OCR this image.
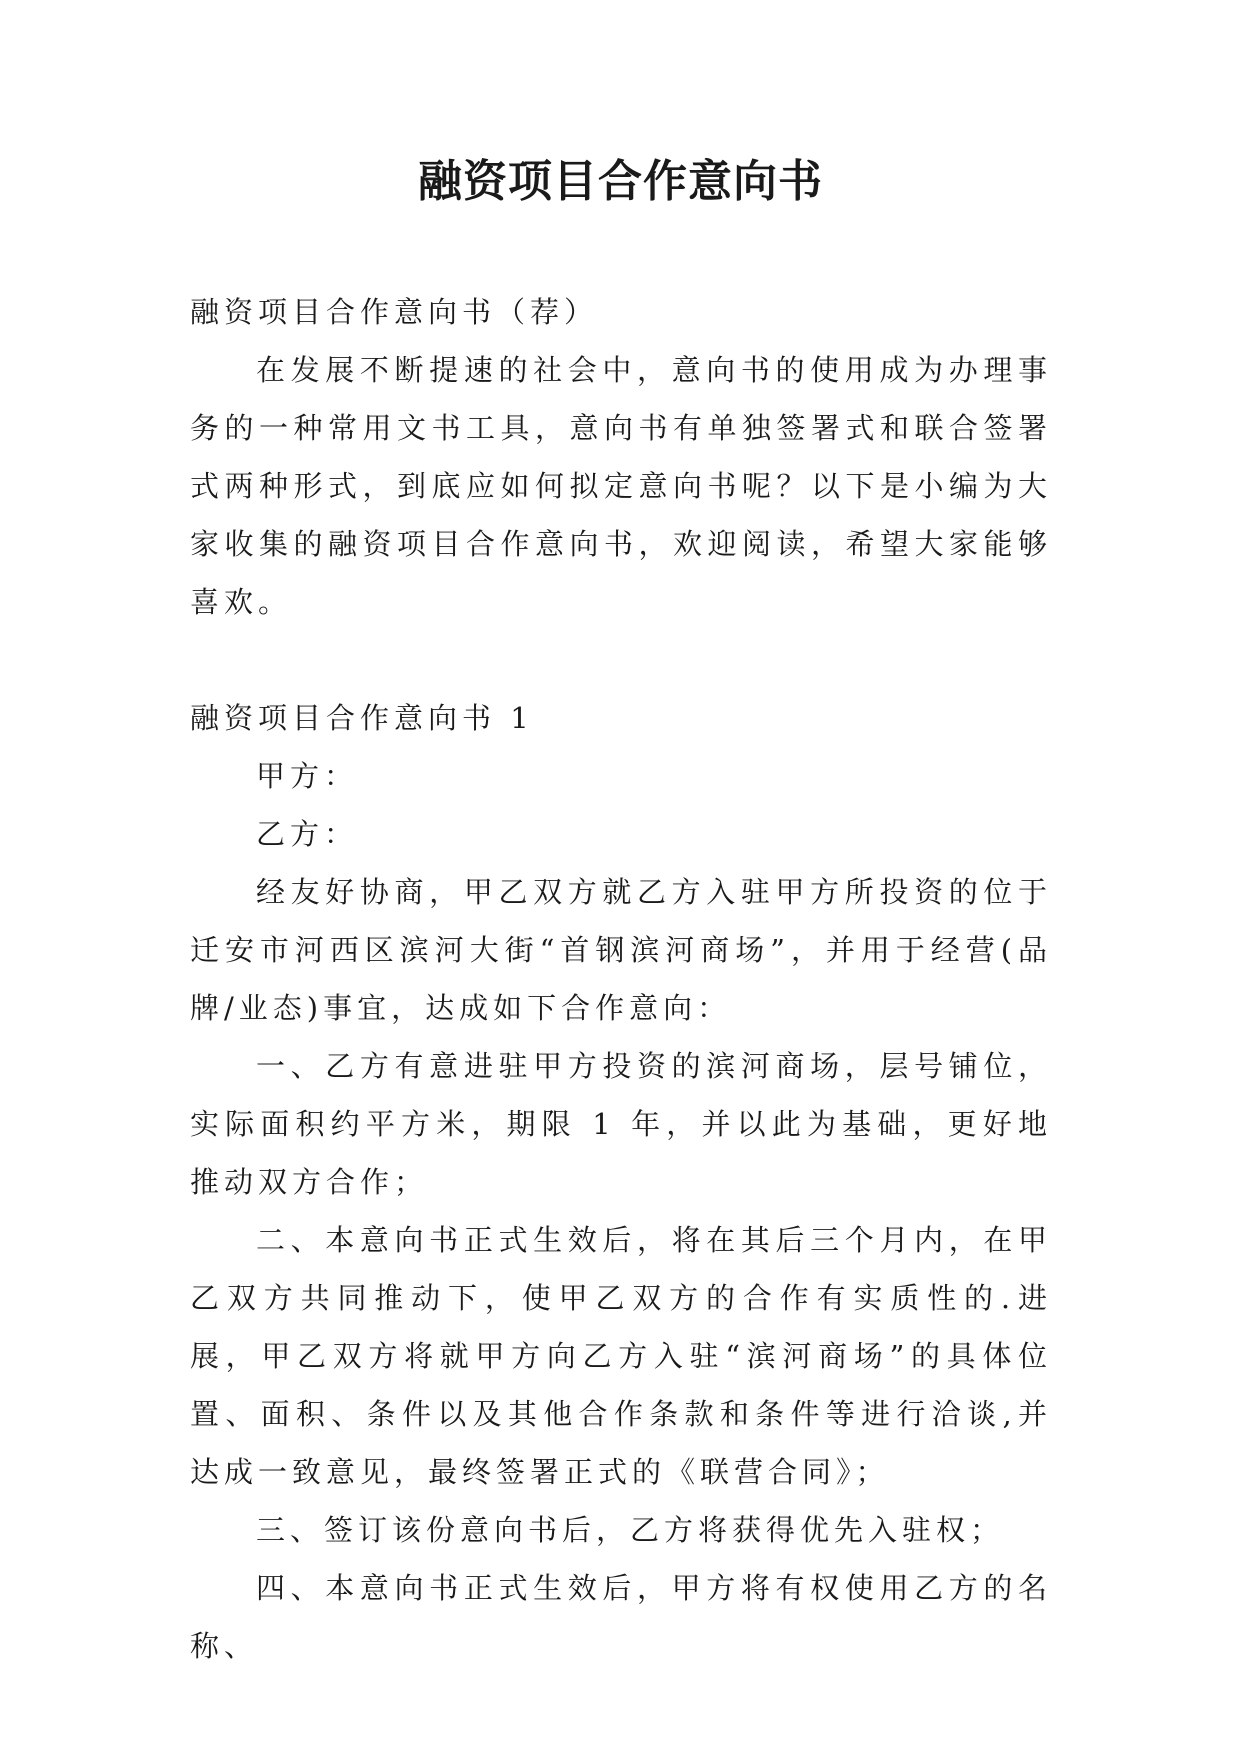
融资项目合作意向书

融资项目合作意向书（荐）

在发展不断提速的社会中，意向书的使用成为办理事务的一种常用文书工具，意向书有单独签署式和联合签署式两种形式，到底应如何拟定意向书呢？以下是小编为大家收集的融资项目合作意向书，欢迎阅读，希望大家能够喜欢。

融资项目合作意向书 1

甲方：

乙方：

经友好协商，甲乙双方就乙方入驻甲方所投资的位于迁安市河西区滨河大街“首钢滨河商场”，并用于经营(品牌/业态)事宜，达成如下合作意向：

一、乙方有意进驻甲方投资的滨河商场，层号铺位，实际面积约平方米，期限 1 年，并以此为基础，更好地推动双方合作；

二、本意向书正式生效后，将在其后三个月内，在甲乙双方共同推动下，使甲乙双方的合作有实质性的.进展，甲乙双方将就甲方向乙方入驻“滨河商场”的具体位置、面积、条件以及其他合作条款和条件等进行洽谈,并达成一致意见，最终签署正式的《联营合同》；

三、签订该份意向书后，乙方将获得优先入驻权；

四、本意向书正式生效后，甲方将有权使用乙方的名称、
